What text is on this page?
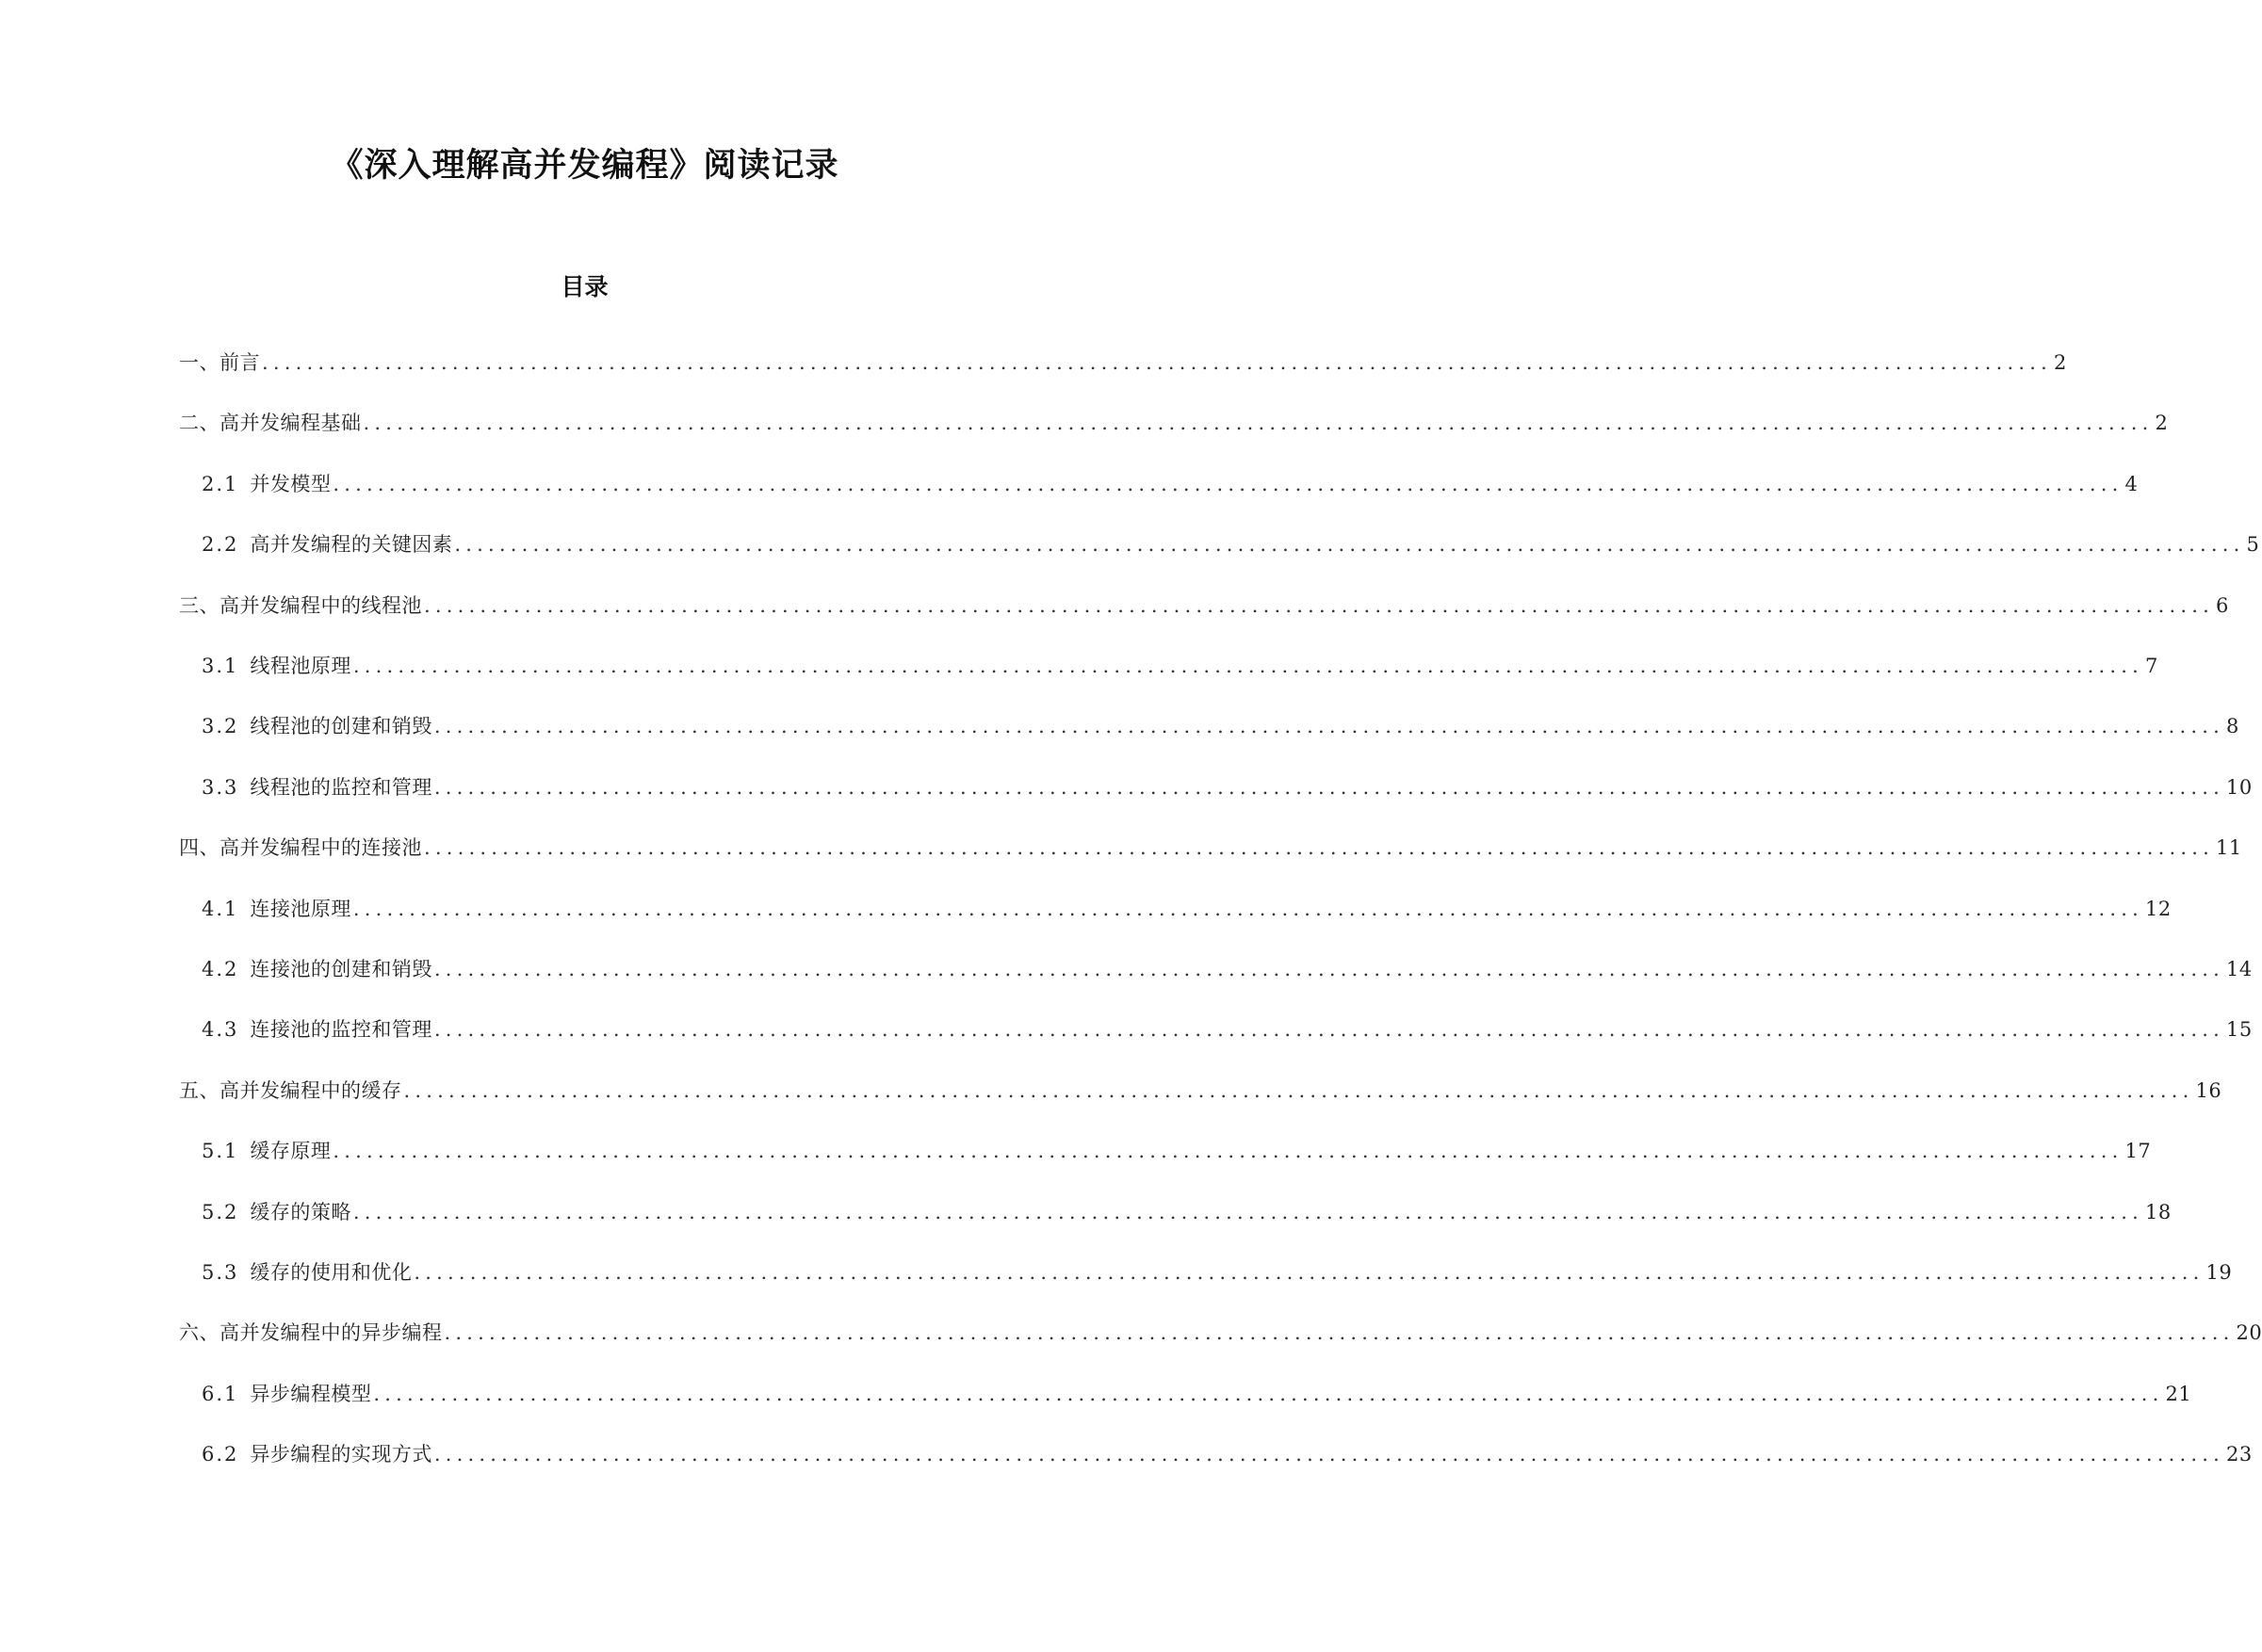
《深入理解高并发编程》阅读记录
目录
一、前言 ................................................................................................................................................................ 2
二、高并发编程基础 ................................................................................................................................................................ 2
2.1 并发模型 ................................................................................................................................................................ 4
2.2 高并发编程的关键因素 ................................................................................................................................................................ 5
三、高并发编程中的线程池 ................................................................................................................................................................ 6
3.1 线程池原理 ................................................................................................................................................................ 7
3.2 线程池的创建和销毁 ................................................................................................................................................................ 8
3.3 线程池的监控和管理 ................................................................................................................................................................ 10
四、高并发编程中的连接池 ................................................................................................................................................................ 11
4.1 连接池原理 ................................................................................................................................................................ 12
4.2 连接池的创建和销毁 ................................................................................................................................................................ 14
4.3 连接池的监控和管理 ................................................................................................................................................................ 15
五、高并发编程中的缓存 ................................................................................................................................................................ 16
5.1 缓存原理 ................................................................................................................................................................ 17
5.2 缓存的策略 ................................................................................................................................................................ 18
5.3 缓存的使用和优化 ................................................................................................................................................................ 19
六、高并发编程中的异步编程 ................................................................................................................................................................ 20
6.1 异步编程模型 ................................................................................................................................................................ 21
6.2 异步编程的实现方式 ................................................................................................................................................................ 23
